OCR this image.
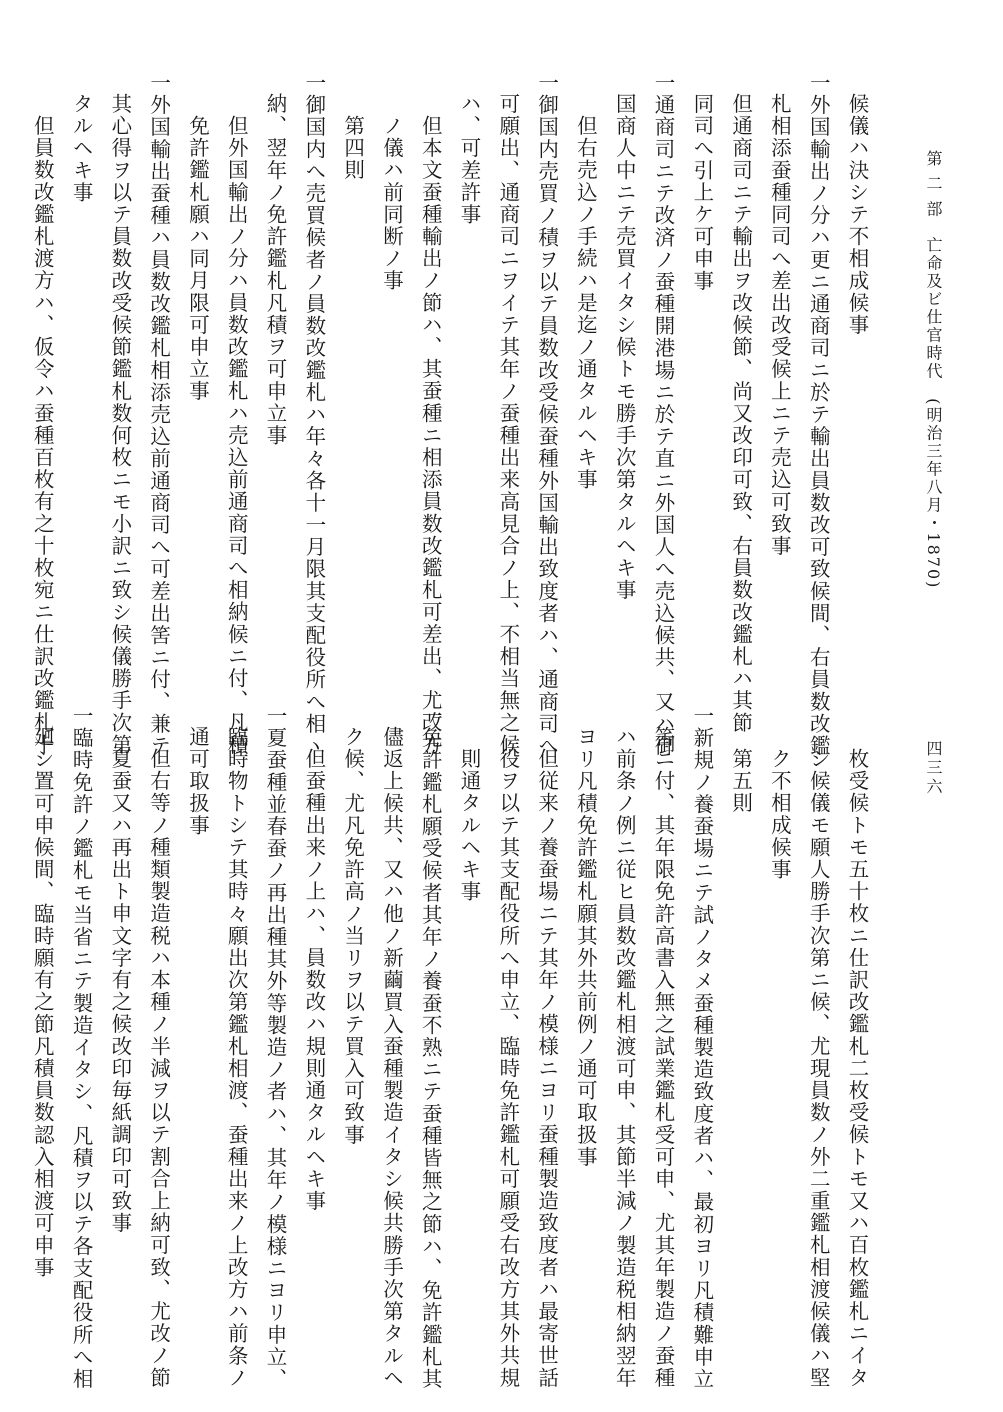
第 二 部　亡命及ビ仕官時代　(明治三年八月・1870)
四三六
候儀ハ決シテ不相成候事
一外国輸出ノ分ハ更ニ通商司ニ於テ輸出員数改可致候間、右員数改鑑
札相添蚕種同司へ差出改受候上ニテ売込可致事
但通商司ニテ輸出ヲ改候節、尚又改印可致、右員数改鑑札ハ其節
同司へ引上ケ可申事
一通商司ニテ改済ノ蚕種開港場ニ於テ直ニ外国人へ売込候共、又ハ御
国商人中ニテ売買イタシ候トモ勝手次第タルヘキ事
但右売込ノ手続ハ是迄ノ通タルヘキ事
一御国内売買ノ積ヲ以テ員数改受候蚕種外国輸出致度者ハ、通商司へ
可願出、通商司ニヲイテ其年ノ蚕種出来高見合ノ上、不相当無之候
ハ、可差許事
但本文蚕種輸出ノ節ハ、其蚕種ニ相添員数改鑑札可差出、尤改方
ノ儀ハ前同断ノ事
第四則
一御国内へ売買候者ノ員数改鑑札ハ年々各十一月限其支配役所へ相ヽ
納、翌年ノ免許鑑札凡積ヲ可申立事
但外国輸出ノ分ハ員数改鑑札ハ売込前通商司へ相納候ニ付、凡積
免許鑑札願ハ同月限可申立事
一外国輸出蚕種ハ員数改鑑札相添売込前通商司へ可差出筈ニ付、兼テ
其心得ヲ以テ員数改受候節鑑札数何枚ニモ小訳ニ致シ候儀勝手次第
タルヘキ事
但員数改鑑札渡方ハ、仮令ハ蚕種百枚有之十枚宛ニ仕訳改鑑札十
枚受候トモ五十枚ニ仕訳改鑑札二枚受候トモ又ハ百枚鑑札ニイタ
シ候儀モ願人勝手次第ニ候、尤現員数ノ外二重鑑札相渡候儀ハ堅
ク不相成候事
第五則
一新規ノ養蚕場ニテ試ノタメ蚕種製造致度者ハ、最初ヨリ凡積難申立
筈ニ付、其年限免許高書入無之試業鑑札受可申、尤其年製造ノ蚕種
ハ前条ノ例ニ従ヒ員数改鑑札相渡可申、其節半減ノ製造税相納翌年
ヨリ凡積免許鑑札願其外共前例ノ通可取扱事
但従来ノ養蚕場ニテ其年ノ模様ニヨリ蚕種製造致度者ハ最寄世話
役ヲ以テ其支配役所へ申立、臨時免許鑑札可願受右改方其外共規
則通タルヘキ事
一免許鑑札願受候者其年ノ養蚕不熟ニテ蚕種皆無之節ハ、免許鑑札其
儘返上候共、又ハ他ノ新繭買入蚕種製造イタシ候共勝手次第タルヘ
ク候、尤凡免許高ノ当リヲ以テ買入可致事
但蚕種出来ノ上ハ、員数改ハ規則通タルヘキ事
一夏蚕種並春蚕ノ再出種其外等製造ノ者ハ、其年ノ模様ニヨリ申立、
臨時物トシテ其時々願出次第鑑札相渡、蚕種出来ノ上改方ハ前条ノ
通可取扱事
但右等ノ種類製造税ハ本種ノ半減ヲ以テ割合上納可致、尤改ノ節
夏蚕又ハ再出ト申文字有之候改印毎紙調印可致事
一臨時免許ノ鑑札モ当省ニテ製造イタシ、凡積ヲ以テ各支配役所へ相
廻シ置可申候間、臨時願有之節凡積員数認入相渡可申事
